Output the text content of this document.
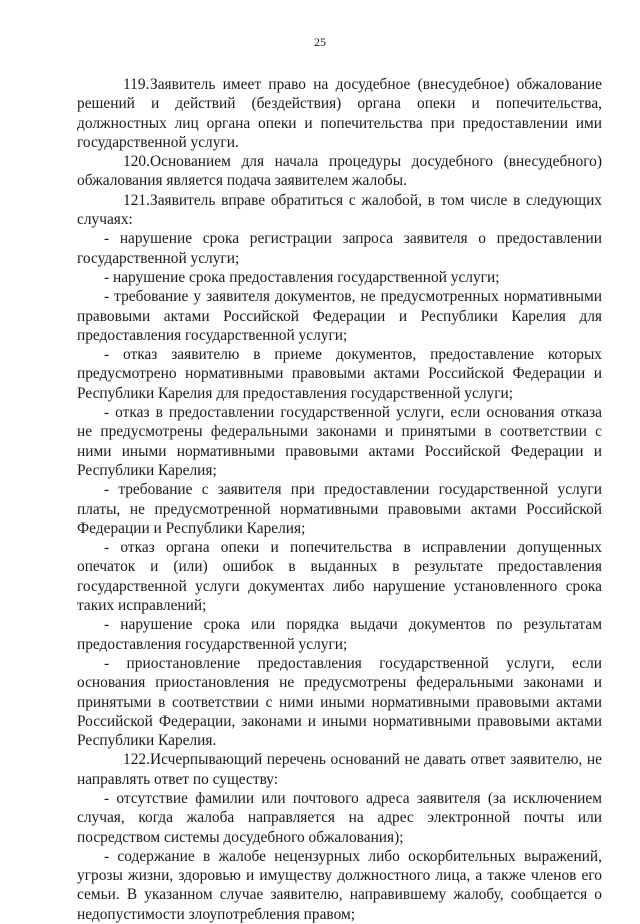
25

119.Заявитель имеет право на досудебное (внесудебное) обжалование решений и действий (бездействия) органа опеки и попечительства, должностных лиц органа опеки и попечительства при предоставлении ими государственной услуги.

120.Основанием для начала процедуры досудебного (внесудебного) обжалования является подача заявителем жалобы.

121.Заявитель вправе обратиться с жалобой, в том числе в следующих случаях:

- нарушение срока регистрации запроса заявителя о предоставлении государственной услуги;

- нарушение срока предоставления государственной услуги;

- требование у заявителя документов, не предусмотренных нормативными правовыми актами Российской Федерации и Республики Карелия для предоставления государственной услуги;

- отказ заявителю в приеме документов, предоставление которых предусмотрено нормативными правовыми актами Российской Федерации и Республики Карелия для предоставления государственной услуги;

- отказ в предоставлении государственной услуги, если основания отказа не предусмотрены федеральными законами и принятыми в соответствии с ними иными нормативными правовыми актами Российской Федерации и Республики Карелия;

- требование с заявителя при предоставлении государственной услуги платы, не предусмотренной нормативными правовыми актами Российской Федерации и Республики Карелия;

- отказ органа опеки и попечительства в исправлении допущенных опечаток и (или) ошибок в выданных в результате предоставления государственной услуги документах либо нарушение установленного срока таких исправлений;

- нарушение срока или порядка выдачи документов по результатам предоставления государственной услуги;

- приостановление предоставления государственной услуги, если основания приостановления не предусмотрены федеральными законами и принятыми в соответствии с ними иными нормативными правовыми актами Российской Федерации, законами и иными нормативными правовыми актами Республики Карелия.

122.Исчерпывающий перечень оснований не давать ответ заявителю, не направлять ответ по существу:

- отсутствие фамилии или почтового адреса заявителя (за исключением случая, когда жалоба направляется на адрес электронной почты или посредством системы досудебного обжалования);

- содержание в жалобе нецензурных либо оскорбительных выражений, угрозы жизни, здоровью и имуществу должностного лица, а также членов его семьи. В указанном случае заявителю, направившему жалобу, сообщается о недопустимости злоупотребления правом;
